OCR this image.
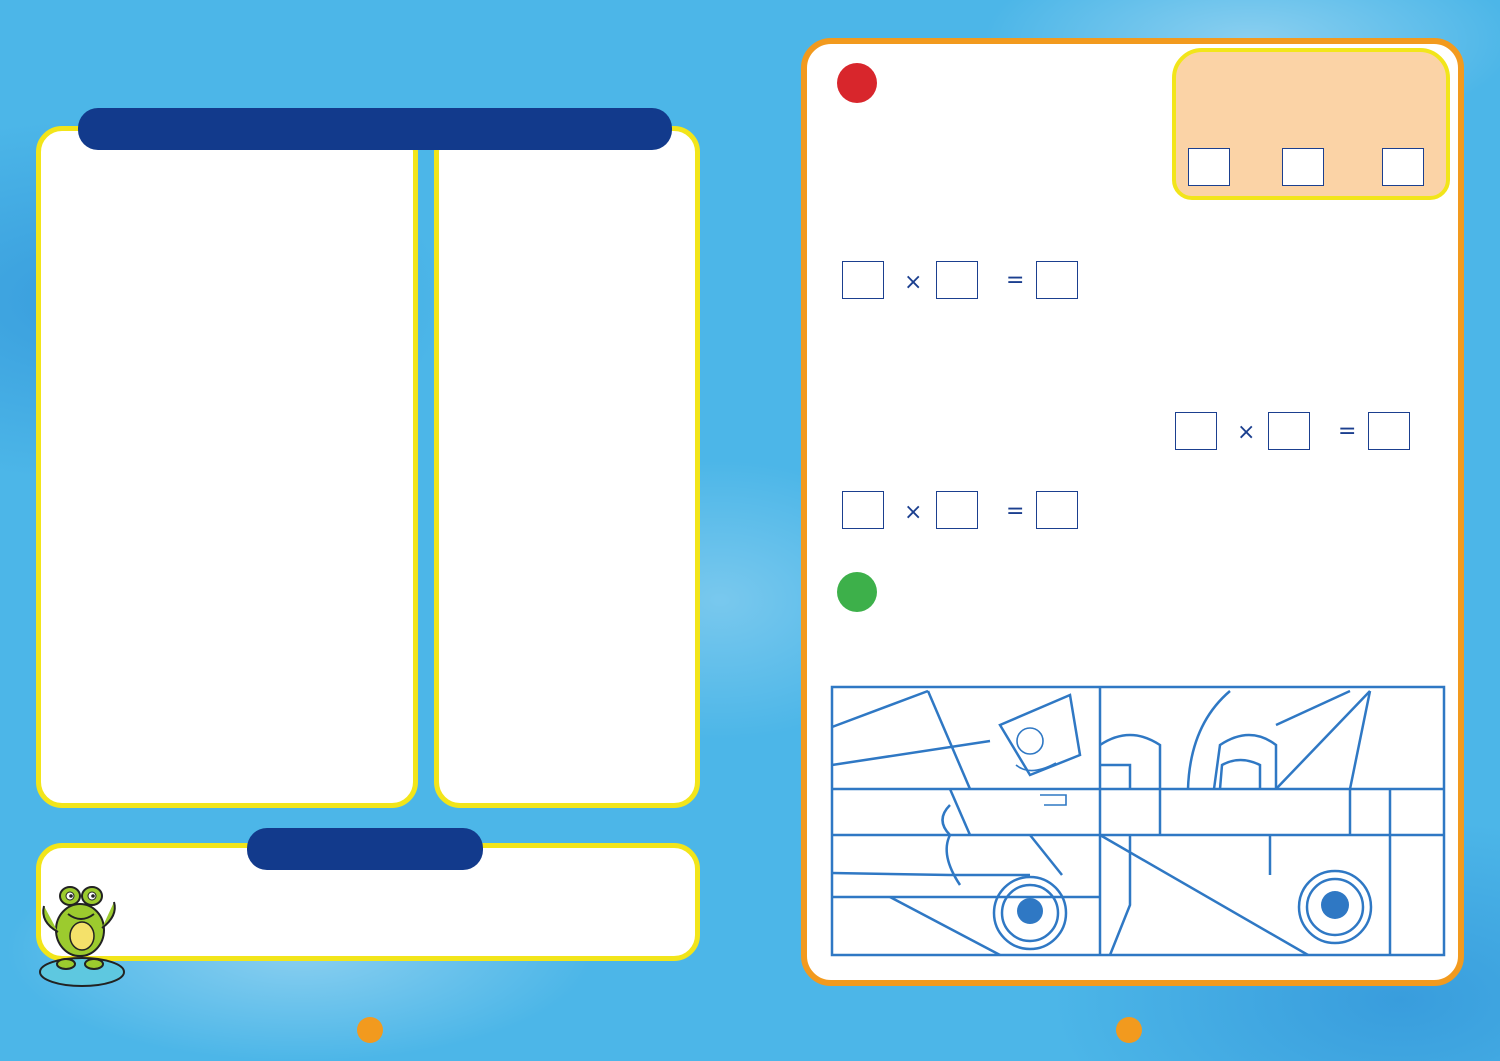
×	=
×	=
×	=
